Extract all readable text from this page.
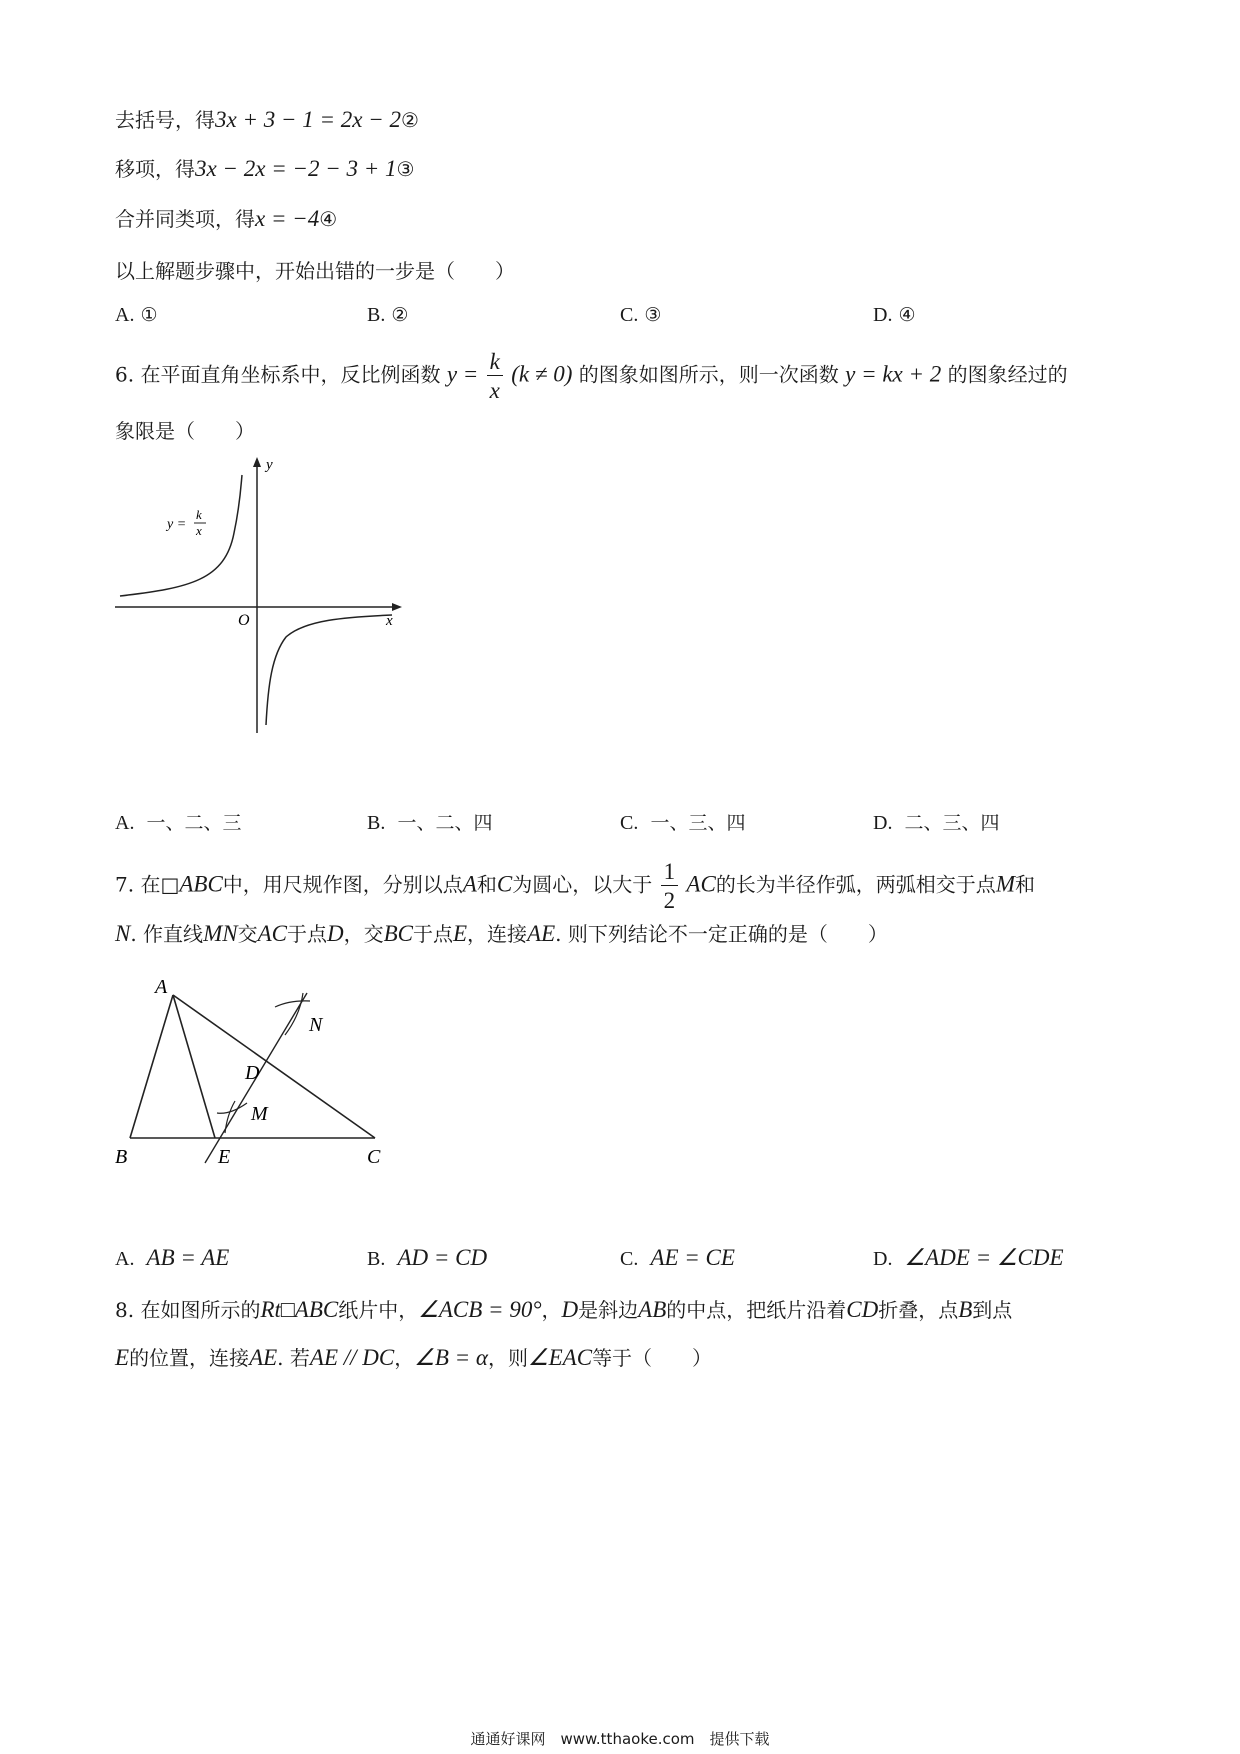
去括号，得3x + 3 − 1 = 2x − 2②
移项，得3x − 2x = −2 − 3 + 1③
合并同类项，得x = −4④
以上解题步骤中，开始出错的一步是（　　）
A. ①	B. ②	C. ③	D. ④
6. 在平面直角坐标系中，反比例函数 $y = \frac{k}{x} (k \ne 0)$ 的图象如图所示，则一次函数 y = kx + 2 的图象经过的
象限是（　　）
y
x
O
y =
k
x
A. 一、二、三	B. 一、二、四	C. 一、三、四	D. 二、三、四
7. 在□ABC中，用尺规作图，分别以点A和C为圆心，以大于 $\frac{1}{2}$ AC的长为半径作弧，两弧相交于点M和
N. 作直线MN交AC于点D，交BC于点E，连接AE. 则下列结论不一定正确的是（　　）
A
B	C
D
E
M
N
A. AB = AE	B. AD = CD	C. AE = CE	D. ∠ADE = ∠CDE
8. 在如图所示的Rt□ABC纸片中，∠ACB = 90°，D是斜边AB的中点，把纸片沿着CD折叠，点B到点
E的位置，连接AE. 若AE // DC，∠B = α，则∠EAC等于（　　）
通通好课网　www.tthaoke.com　提供下载
